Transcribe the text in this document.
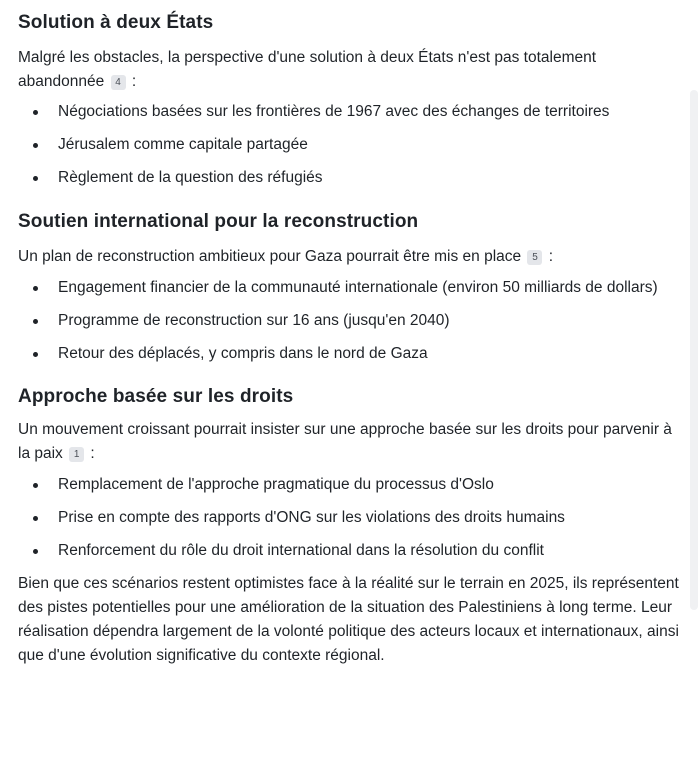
Solution à deux États

Malgré les obstacles, la perspective d'une solution à deux États n'est pas totalement abandonnée 4 :

Négociations basées sur les frontières de 1967 avec des échanges de territoires
Jérusalem comme capitale partagée
Règlement de la question des réfugiés
Soutien international pour la reconstruction

Un plan de reconstruction ambitieux pour Gaza pourrait être mis en place 5 :

Engagement financier de la communauté internationale (environ 50 milliards de dollars)
Programme de reconstruction sur 16 ans (jusqu'en 2040)
Retour des déplacés, y compris dans le nord de Gaza
Approche basée sur les droits

Un mouvement croissant pourrait insister sur une approche basée sur les droits pour parvenir à la paix 1 :

Remplacement de l'approche pragmatique du processus d'Oslo
Prise en compte des rapports d'ONG sur les violations des droits humains
Renforcement du rôle du droit international dans la résolution du conflit

Bien que ces scénarios restent optimistes face à la réalité sur le terrain en 2025, ils représentent des pistes potentielles pour une amélioration de la situation des Palestiniens à long terme. Leur réalisation dépendra largement de la volonté politique des acteurs locaux et internationaux, ainsi que d'une évolution significative du contexte régional.
